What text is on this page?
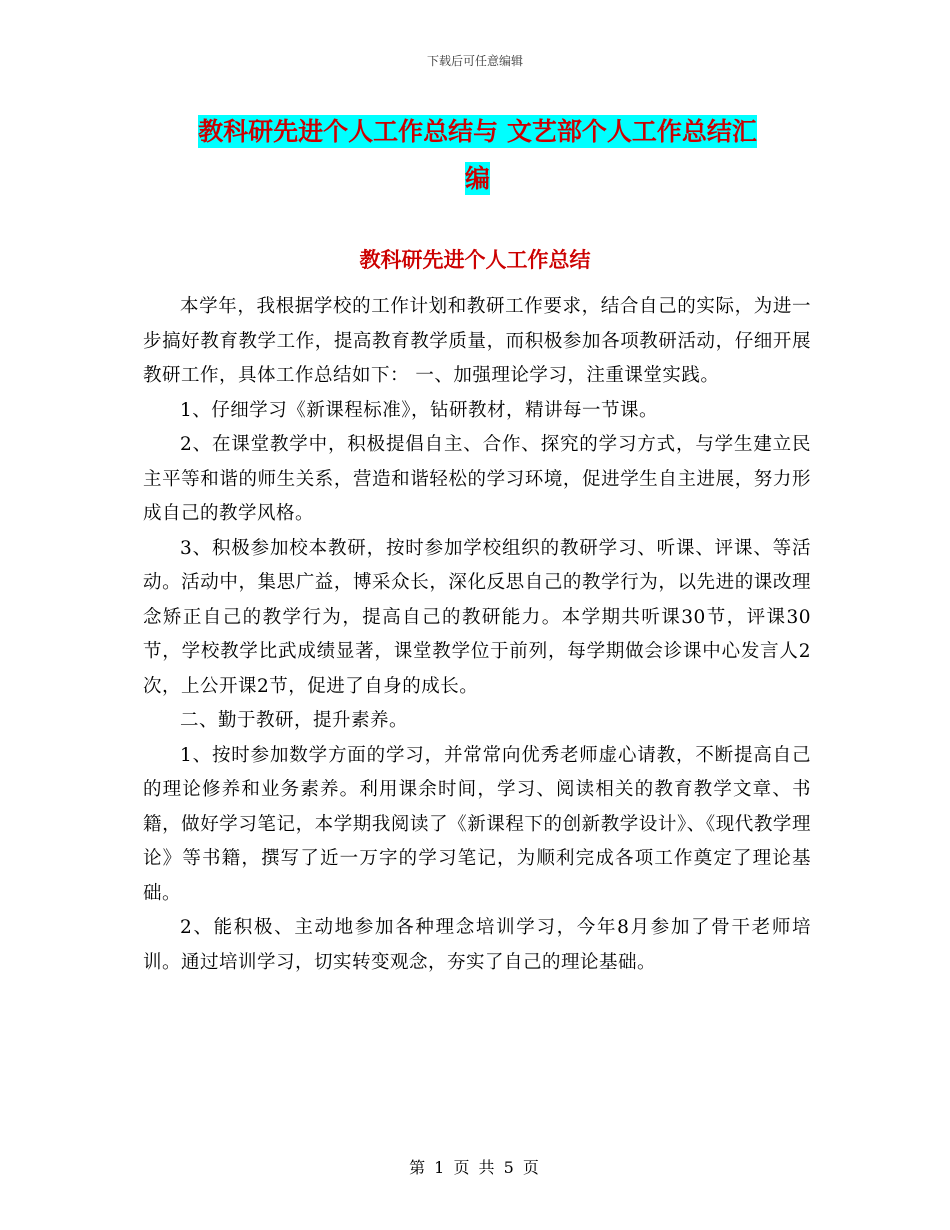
下载后可任意编辑
教科研先进个人工作总结与 文艺部个人工作总结汇
编
教科研先进个人工作总结

本学年，我根据学校的工作计划和教研工作要求，结合自己的实际，为进一步搞好教育教学工作，提高教育教学质量，而积极参加各项教研活动，仔细开展教研工作，具体工作总结如下： 一、加强理论学习，注重课堂实践。

1、仔细学习《新课程标准》，钻研教材，精讲每一节课。

2、在课堂教学中，积极提倡自主、合作、探究的学习方式，与学生建立民主平等和谐的师生关系，营造和谐轻松的学习环境，促进学生自主进展，努力形成自己的教学风格。

3、积极参加校本教研，按时参加学校组织的教研学习、听课、评课、等活动。活动中，集思广益，博采众长，深化反思自己的教学行为，以先进的课改理念矫正自己的教学行为，提高自己的教研能力。本学期共听课30节，评课30节，学校教学比武成绩显著，课堂教学位于前列，每学期做会诊课中心发言人2次，上公开课2节，促进了自身的成长。

二、勤于教研，提升素养。

1、按时参加数学方面的学习，并常常向优秀老师虚心请教，不断提高自己的理论修养和业务素养。利用课余时间，学习、阅读相关的教育教学文章、书籍，做好学习笔记，本学期我阅读了《新课程下的创新教学设计》、《现代教学理论》等书籍，撰写了近一万字的学习笔记，为顺利完成各项工作奠定了理论基础。

2、能积极、主动地参加各种理念培训学习，今年8月参加了骨干老师培训。通过培训学习，切实转变观念，夯实了自己的理论基础。

第 1 页 共 5 页
